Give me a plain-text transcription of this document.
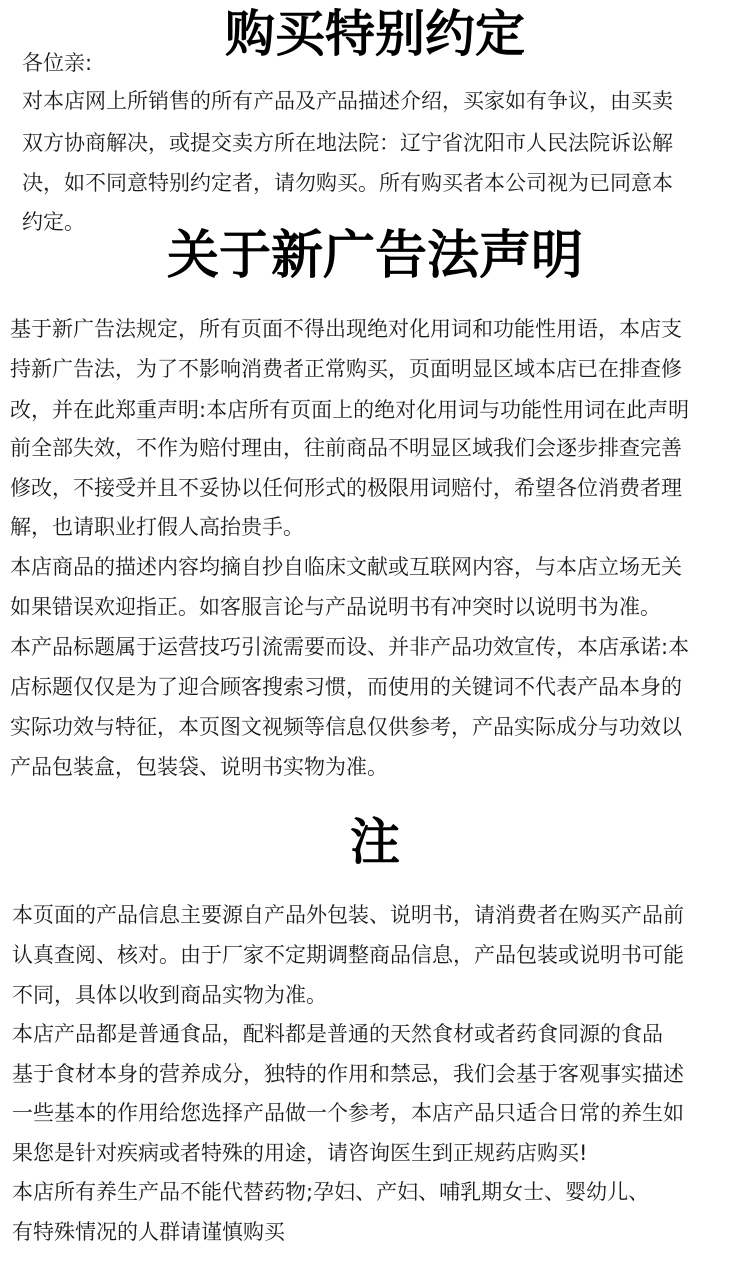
购买特别约定

各位亲:

对本店网上所销售的所有产品及产品描述介绍，买家如有争议，由买卖

双方协商解决，或提交卖方所在地法院：辽宁省沈阳市人民法院诉讼解

决，如不同意特别约定者，请勿购买。所有购买者本公司视为已同意本

约定。

关于新广告法声明

基于新广告法规定，所有页面不得出现绝对化用词和功能性用语，本店支

持新广告法，为了不影响消费者正常购买，页面明显区域本店已在排查修

改，并在此郑重声明:本店所有页面上的绝对化用词与功能性用词在此声明

前全部失效，不作为赔付理由，往前商品不明显区域我们会逐步排查完善

修改，不接受并且不妥协以任何形式的极限用词赔付，希望各位消费者理

解，也请职业打假人高抬贵手。

本店商品的描述内容均摘自抄自临床文献或互联网内容，与本店立场无关

如果错误欢迎指正。如客服言论与产品说明书有冲突时以说明书为准。

本产品标题属于运营技巧引流需要而设、并非产品功效宣传，本店承诺:本

店标题仅仅是为了迎合顾客搜索习惯，而使用的关键词不代表产品本身的

实际功效与特征，本页图文视频等信息仅供参考，产品实际成分与功效以

产品包装盒，包装袋、说明书实物为准。

注

本页面的产品信息主要源自产品外包装、说明书，请消费者在购买产品前

认真查阅、核对。由于厂家不定期调整商品信息，产品包装或说明书可能

不同，具体以收到商品实物为准。

本店产品都是普通食品，配料都是普通的天然食材或者药食同源的食品

基于食材本身的营养成分，独特的作用和禁忌，我们会基于客观事实描述

一些基本的作用给您选择产品做一个参考，本店产品只适合日常的养生如

果您是针对疾病或者特殊的用途，请咨询医生到正规药店购买!

本店所有养生产品不能代替药物;孕妇、产妇、哺乳期女士、婴幼儿、

有特殊情况的人群请谨慎购买
